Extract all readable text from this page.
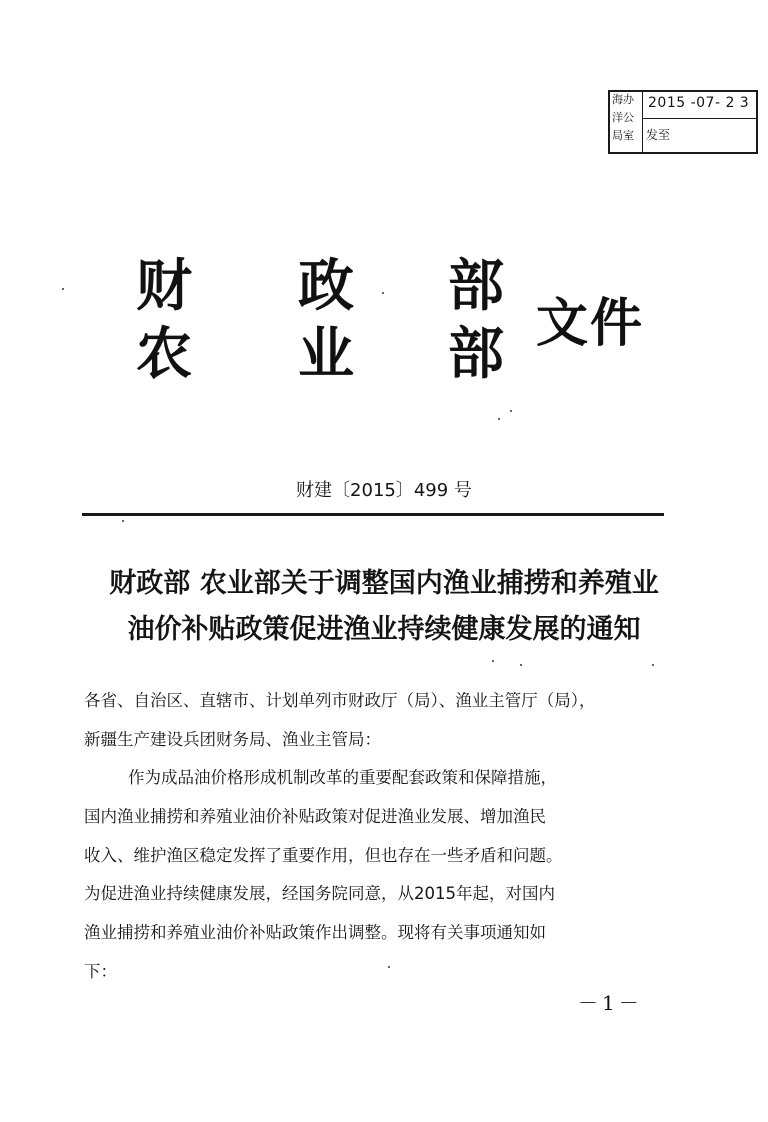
海办
洋公
局室
2015 -07- 2 3
发至
财 政 部
农 业 部 文件
财建〔2015〕499 号
财政部 农业部关于调整国内渔业捕捞和养殖业
油价补贴政策促进渔业持续健康发展的通知
各省、自治区、直辖市、计划单列市财政厅（局）、渔业主管厅（局），
新疆生产建设兵团财务局、渔业主管局：
作为成品油价格形成机制改革的重要配套政策和保障措施，
国内渔业捕捞和养殖业油价补贴政策对促进渔业发展、增加渔民
收入、维护渔区稳定发挥了重要作用，但也存在一些矛盾和问题。
为促进渔业持续健康发展，经国务院同意，从2015年起，对国内
渔业捕捞和养殖业油价补贴政策作出调整。现将有关事项通知如
下：
－1－
